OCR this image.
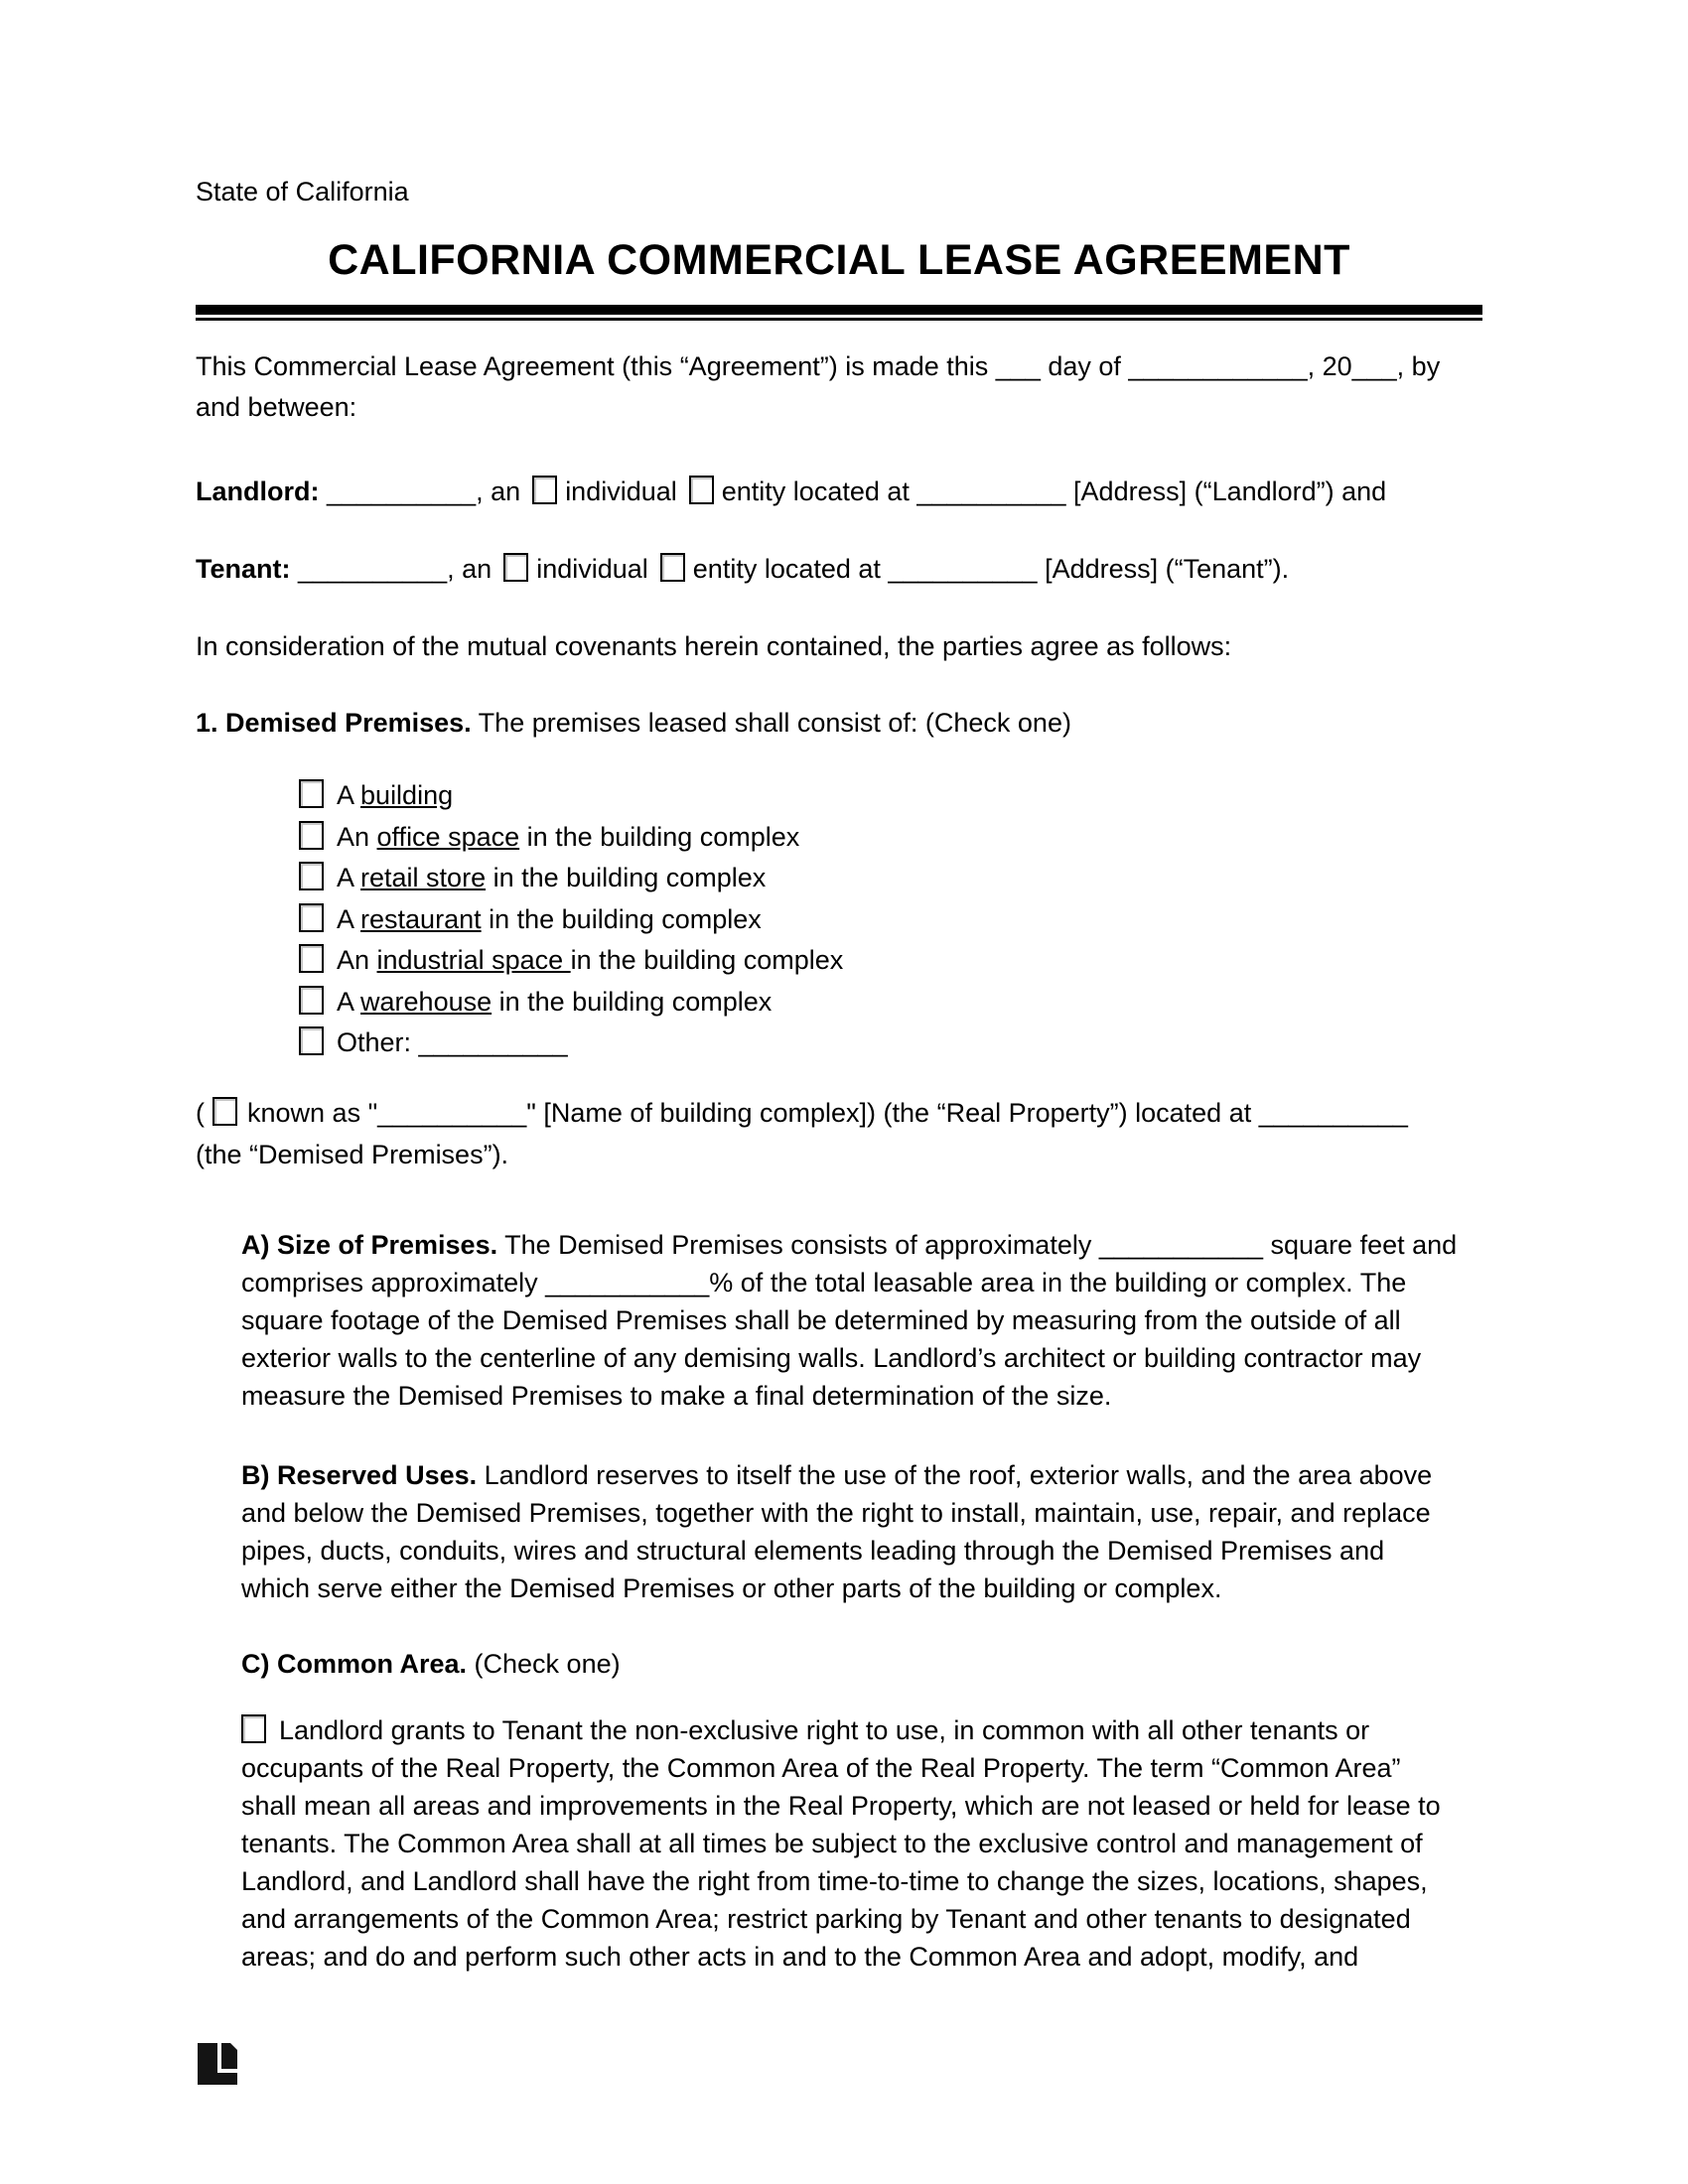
State of California
CALIFORNIA COMMERCIAL LEASE AGREEMENT
This Commercial Lease Agreement (this “Agreement”) is made this ___ day of ____________, 20___, by
and between:
Landlord: __________, an individual entity located at __________ [Address] (“Landlord”) and
Tenant: __________, an individual entity located at __________ [Address] (“Tenant”).
In consideration of the mutual covenants herein contained, the parties agree as follows:
1. Demised Premises. The premises leased shall consist of: (Check one)
A building
An office space in the building complex
A retail store in the building complex
A restaurant in the building complex
An industrial space in the building complex
A warehouse in the building complex
Other: __________
( known as "__________" [Name of building complex]) (the “Real Property”) located at __________
(the “Demised Premises”).
A) Size of Premises. The Demised Premises consists of approximately ___________ square feet and
comprises approximately ___________% of the total leasable area in the building or complex. The
square footage of the Demised Premises shall be determined by measuring from the outside of all
exterior walls to the centerline of any demising walls. Landlord’s architect or building contractor may
measure the Demised Premises to make a final determination of the size.
B) Reserved Uses. Landlord reserves to itself the use of the roof, exterior walls, and the area above
and below the Demised Premises, together with the right to install, maintain, use, repair, and replace
pipes, ducts, conduits, wires and structural elements leading through the Demised Premises and
which serve either the Demised Premises or other parts of the building or complex.
C) Common Area. (Check one)
Landlord grants to Tenant the non-exclusive right to use, in common with all other tenants or
occupants of the Real Property, the Common Area of the Real Property. The term “Common Area”
shall mean all areas and improvements in the Real Property, which are not leased or held for lease to
tenants. The Common Area shall at all times be subject to the exclusive control and management of
Landlord, and Landlord shall have the right from time-to-time to change the sizes, locations, shapes,
and arrangements of the Common Area; restrict parking by Tenant and other tenants to designated
areas; and do and perform such other acts in and to the Common Area and adopt, modify, and
